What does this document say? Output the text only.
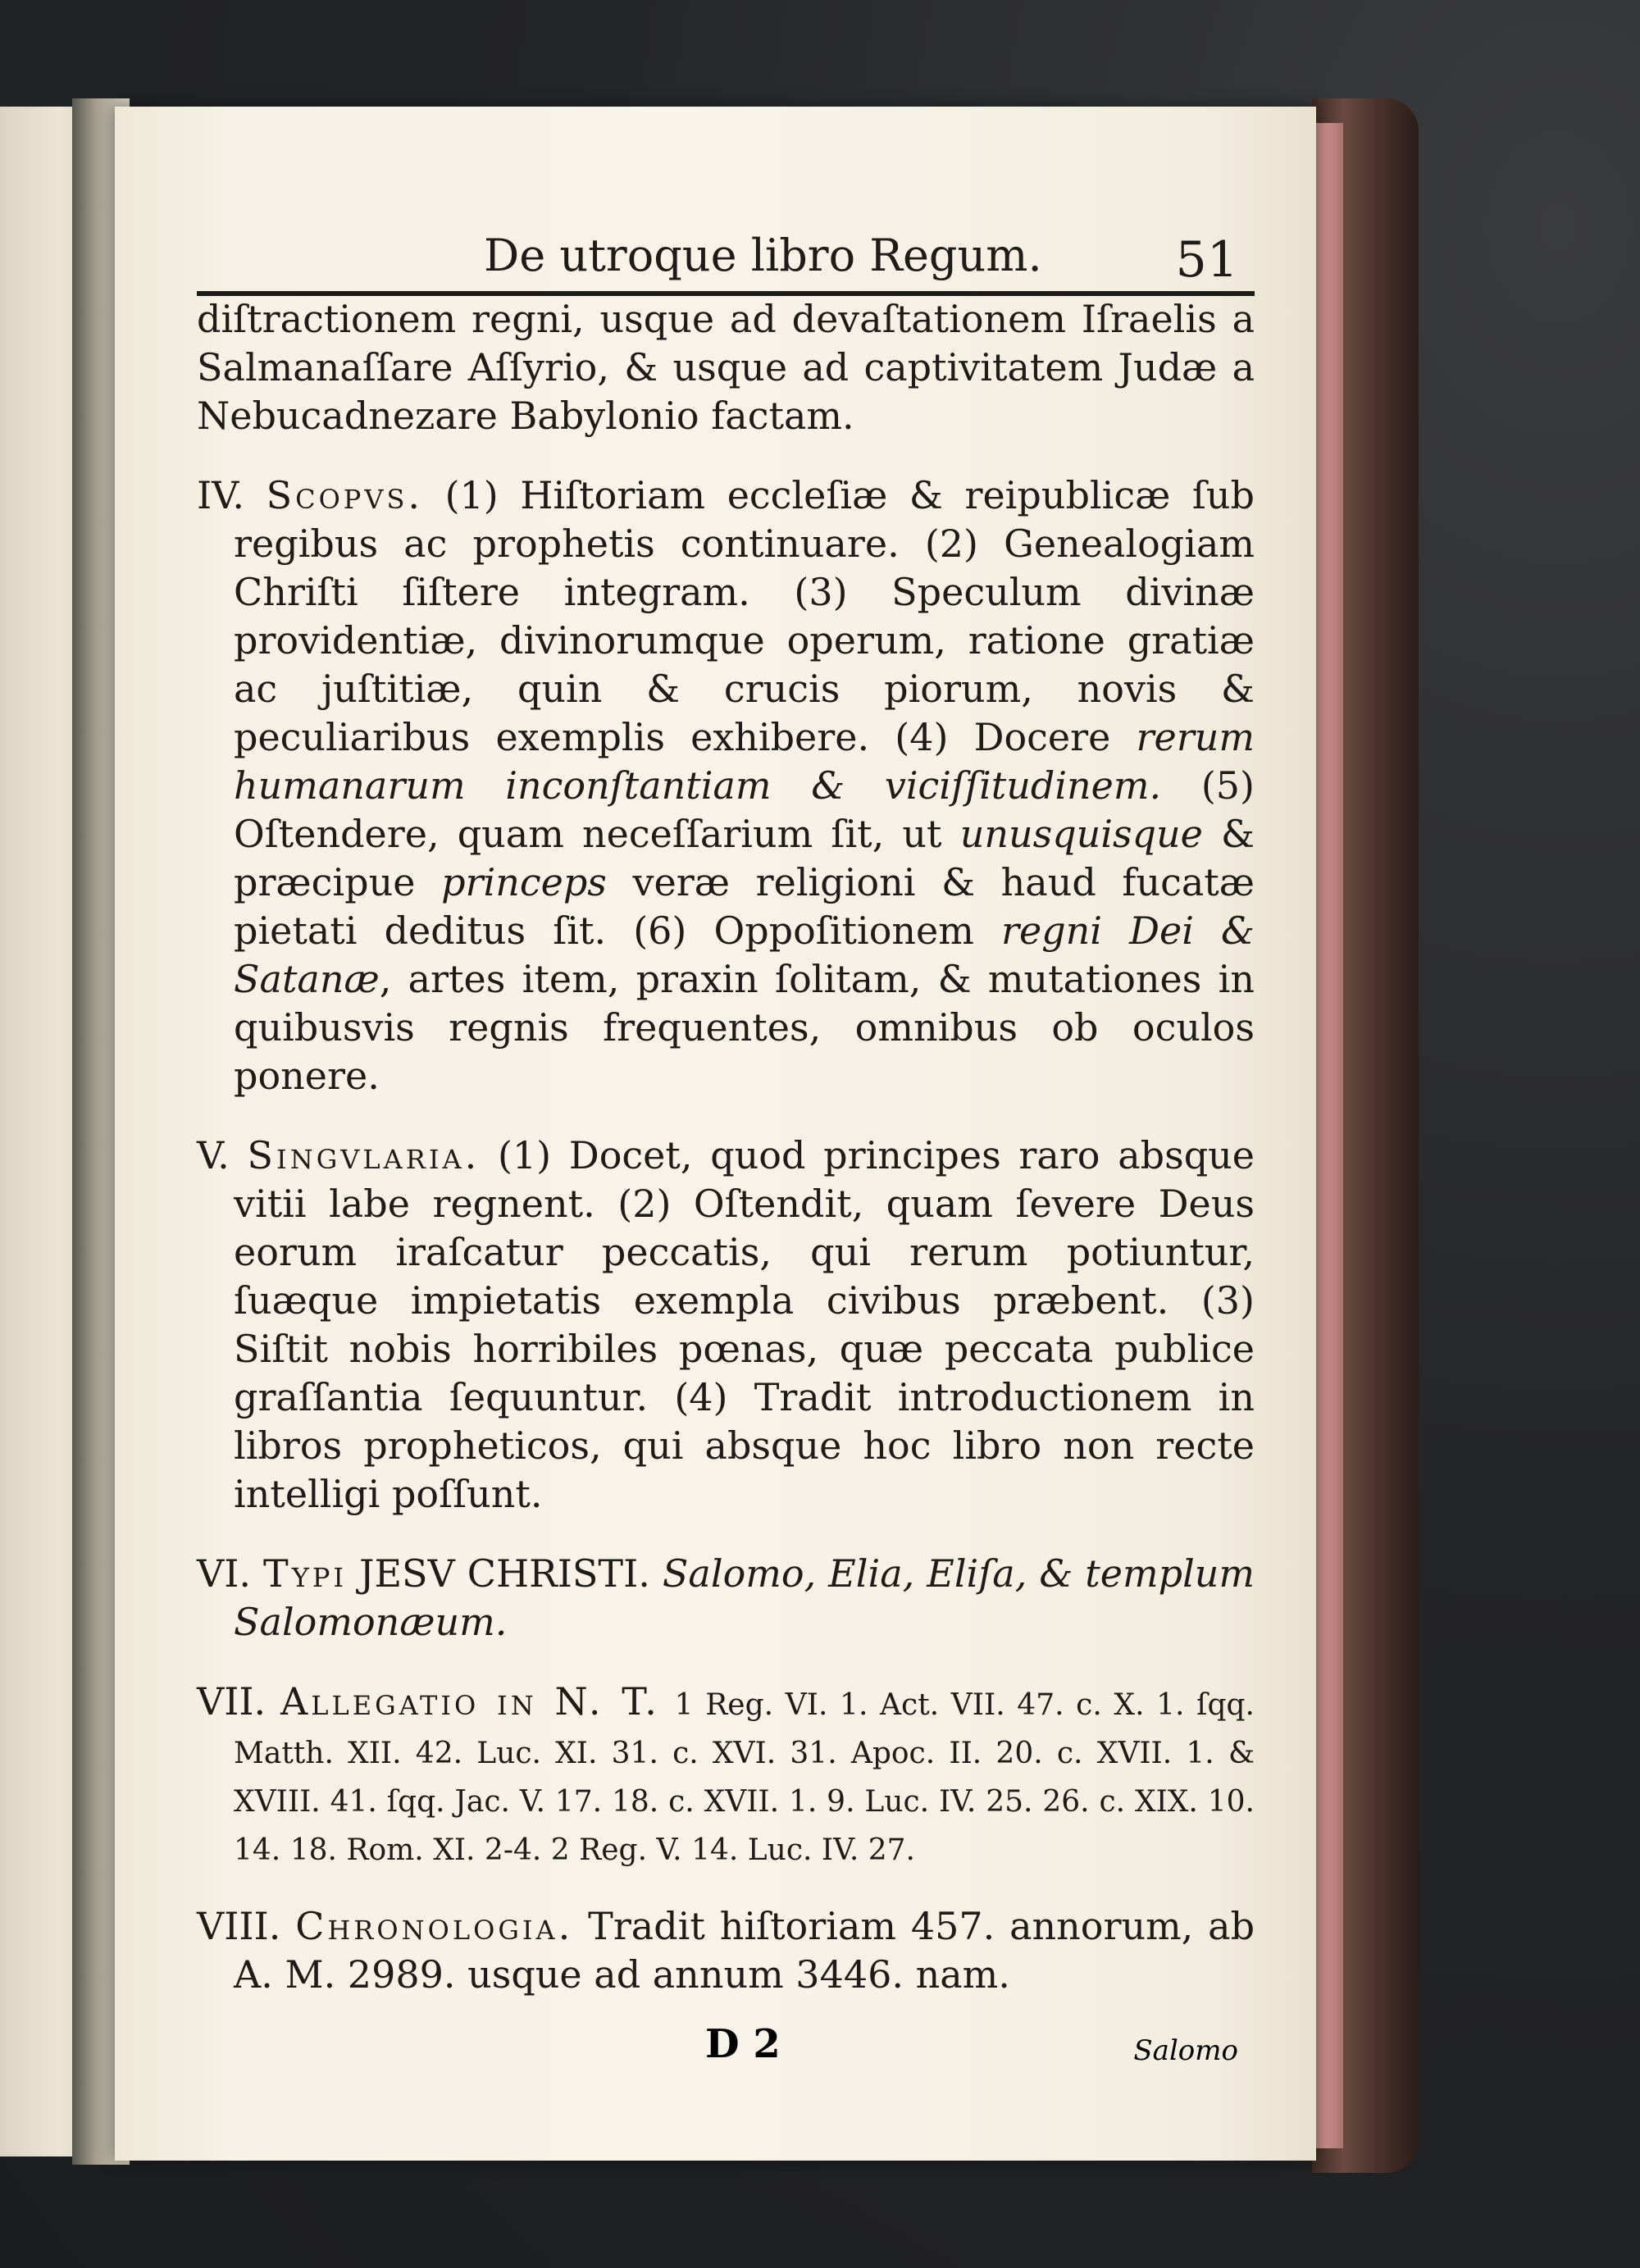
De utroque libro Regum.	51

diſtractionem regni, usque ad devaſtationem Iſraelis a Salmanaſſare Aſſyrio, & usque ad captivitatem Judæ a Nebucadnezare Babylonio factam.

IV. Scopvs. (1) Hiſtoriam eccleſiæ & reipublicæ ſub regibus ac prophetis continuare. (2) Genealogiam Chriſti ſiſtere integram. (3) Speculum divinæ providentiæ, divinorumque operum, ratione gratiæ ac juſtitiæ, quin & crucis piorum, novis & peculiaribus exemplis exhibere. (4) Docere rerum humanarum inconſtantiam & viciſſitudinem. (5) Oſtendere, quam neceſſarium ſit, ut unusquisque & præcipue princeps veræ religioni & haud fucatæ pietati deditus ſit. (6) Oppoſitionem regni Dei & Satanæ, artes item, praxin ſolitam, & mutationes in quibusvis regnis frequentes, omnibus ob oculos ponere.

V. Singvlaria. (1) Docet, quod principes raro absque vitii labe regnent. (2) Oſtendit, quam ſevere Deus eorum iraſcatur peccatis, qui rerum potiuntur, ſuæque impietatis exempla civibus præbent. (3) Siſtit nobis horribiles pœnas, quæ peccata publice graſſantia ſequuntur. (4) Tradit introductionem in libros propheticos, qui absque hoc libro non recte intelligi poſſunt.

VI. Typi JESV CHRISTI. Salomo, Elia, Eliſa, & templum Salomonæum.

VII. Allegatio in N. T. 1 Reg. VI. 1. Act. VII. 47. c. X. 1. ſqq. Matth. XII. 42. Luc. XI. 31. c. XVI. 31. Apoc. II. 20. c. XVII. 1. & XVIII. 41. ſqq. Jac. V. 17. 18. c. XVII. 1. 9. Luc. IV. 25. 26. c. XIX. 10. 14. 18. Rom. XI. 2-4. 2 Reg. V. 14. Luc. IV. 27.

VIII. Chronologia. Tradit hiſtoriam 457. annorum, ab A. M. 2989. usque ad annum 3446. nam.

D 2	Salomo
